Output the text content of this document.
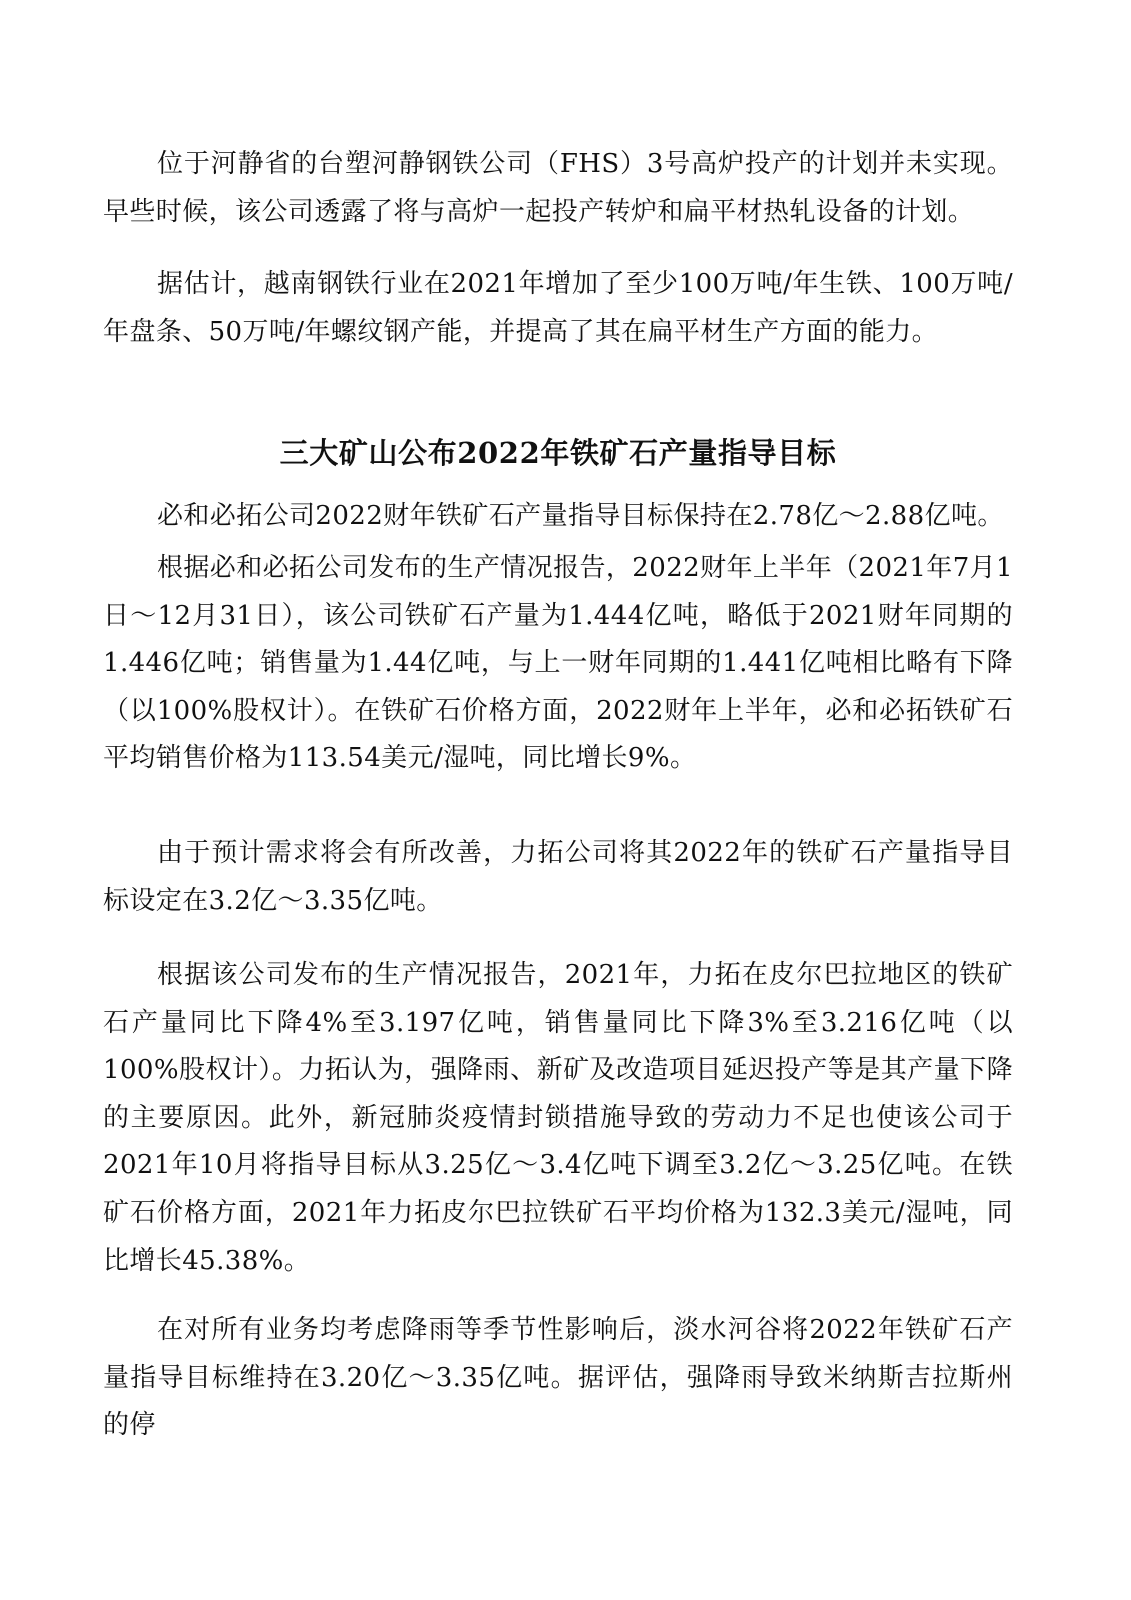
位于河静省的台塑河静钢铁公司（FHS）3号高炉投产的计划并未实现。早些时候，该公司透露了将与高炉一起投产转炉和扁平材热轧设备的计划。

据估计，越南钢铁行业在2021年增加了至少100万吨/年生铁、100万吨/年盘条、50万吨/年螺纹钢产能，并提高了其在扁平材生产方面的能力。

三大矿山公布2022年铁矿石产量指导目标

必和必拓公司2022财年铁矿石产量指导目标保持在2.78亿～2.88亿吨。

根据必和必拓公司发布的生产情况报告，2022财年上半年（2021年7月1日～12月31日），该公司铁矿石产量为1.444亿吨，略低于2021财年同期的1.446亿吨；销售量为1.44亿吨，与上一财年同期的1.441亿吨相比略有下降（以100%股权计）。在铁矿石价格方面，2022财年上半年，必和必拓铁矿石平均销售价格为113.54美元/湿吨，同比增长9%。

由于预计需求将会有所改善，力拓公司将其2022年的铁矿石产量指导目标设定在3.2亿～3.35亿吨。

根据该公司发布的生产情况报告，2021年，力拓在皮尔巴拉地区的铁矿石产量同比下降4%至3.197亿吨，销售量同比下降3%至3.216亿吨（以100%股权计）。力拓认为，强降雨、新矿及改造项目延迟投产等是其产量下降的主要原因。此外，新冠肺炎疫情封锁措施导致的劳动力不足也使该公司于2021年10月将指导目标从3.25亿～3.4亿吨下调至3.2亿～3.25亿吨。在铁矿石价格方面，2021年力拓皮尔巴拉铁矿石平均价格为132.3美元/湿吨，同比增长45.38%。

在对所有业务均考虑降雨等季节性影响后，淡水河谷将2022年铁矿石产量指导目标维持在3.20亿～3.35亿吨。据评估，强降雨导致米纳斯吉拉斯州的停
